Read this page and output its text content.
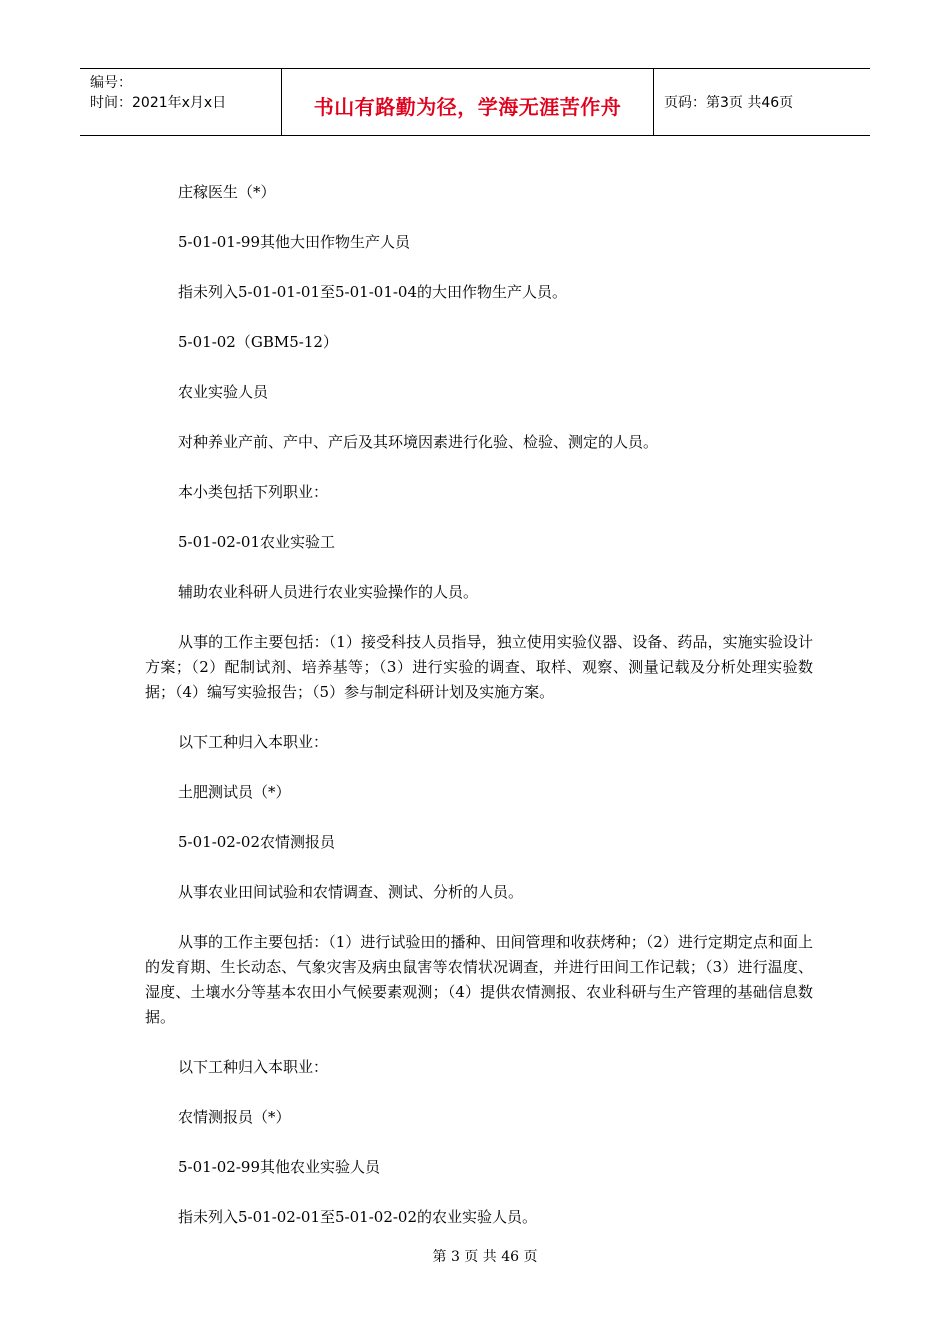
编号：
时间：2021年x月x日	书山有路勤为径，学海无涯苦作舟	页码：第3页 共46页

庄稼医生（*）

5-01-01-99其他大田作物生产人员

指未列入5-01-01-01至5-01-01-04的大田作物生产人员。

5-01-02（GBM5-12）

农业实验人员

对种养业产前、产中、产后及其环境因素进行化验、检验、测定的人员。

本小类包括下列职业：

5-01-02-01农业实验工

辅助农业科研人员进行农业实验操作的人员。

从事的工作主要包括：（1）接受科技人员指导，独立使用实验仪器、设备、药品，实施实验设计方案；（2）配制试剂、培养基等；（3）进行实验的调查、取样、观察、测量记载及分析处理实验数据；（4）编写实验报告；（5）参与制定科研计划及实施方案。

以下工种归入本职业：

土肥测试员（*）

5-01-02-02农情测报员

从事农业田间试验和农情调查、测试、分析的人员。

从事的工作主要包括：（1）进行试验田的播种、田间管理和收获烤种；（2）进行定期定点和面上的发育期、生长动态、气象灾害及病虫鼠害等农情状况调查，并进行田间工作记载；（3）进行温度、湿度、土壤水分等基本农田小气候要素观测；（4）提供农情测报、农业科研与生产管理的基础信息数据。

以下工种归入本职业：

农情测报员（*）

5-01-02-99其他农业实验人员

指未列入5-01-02-01至5-01-02-02的农业实验人员。

第 3 页 共 46 页
